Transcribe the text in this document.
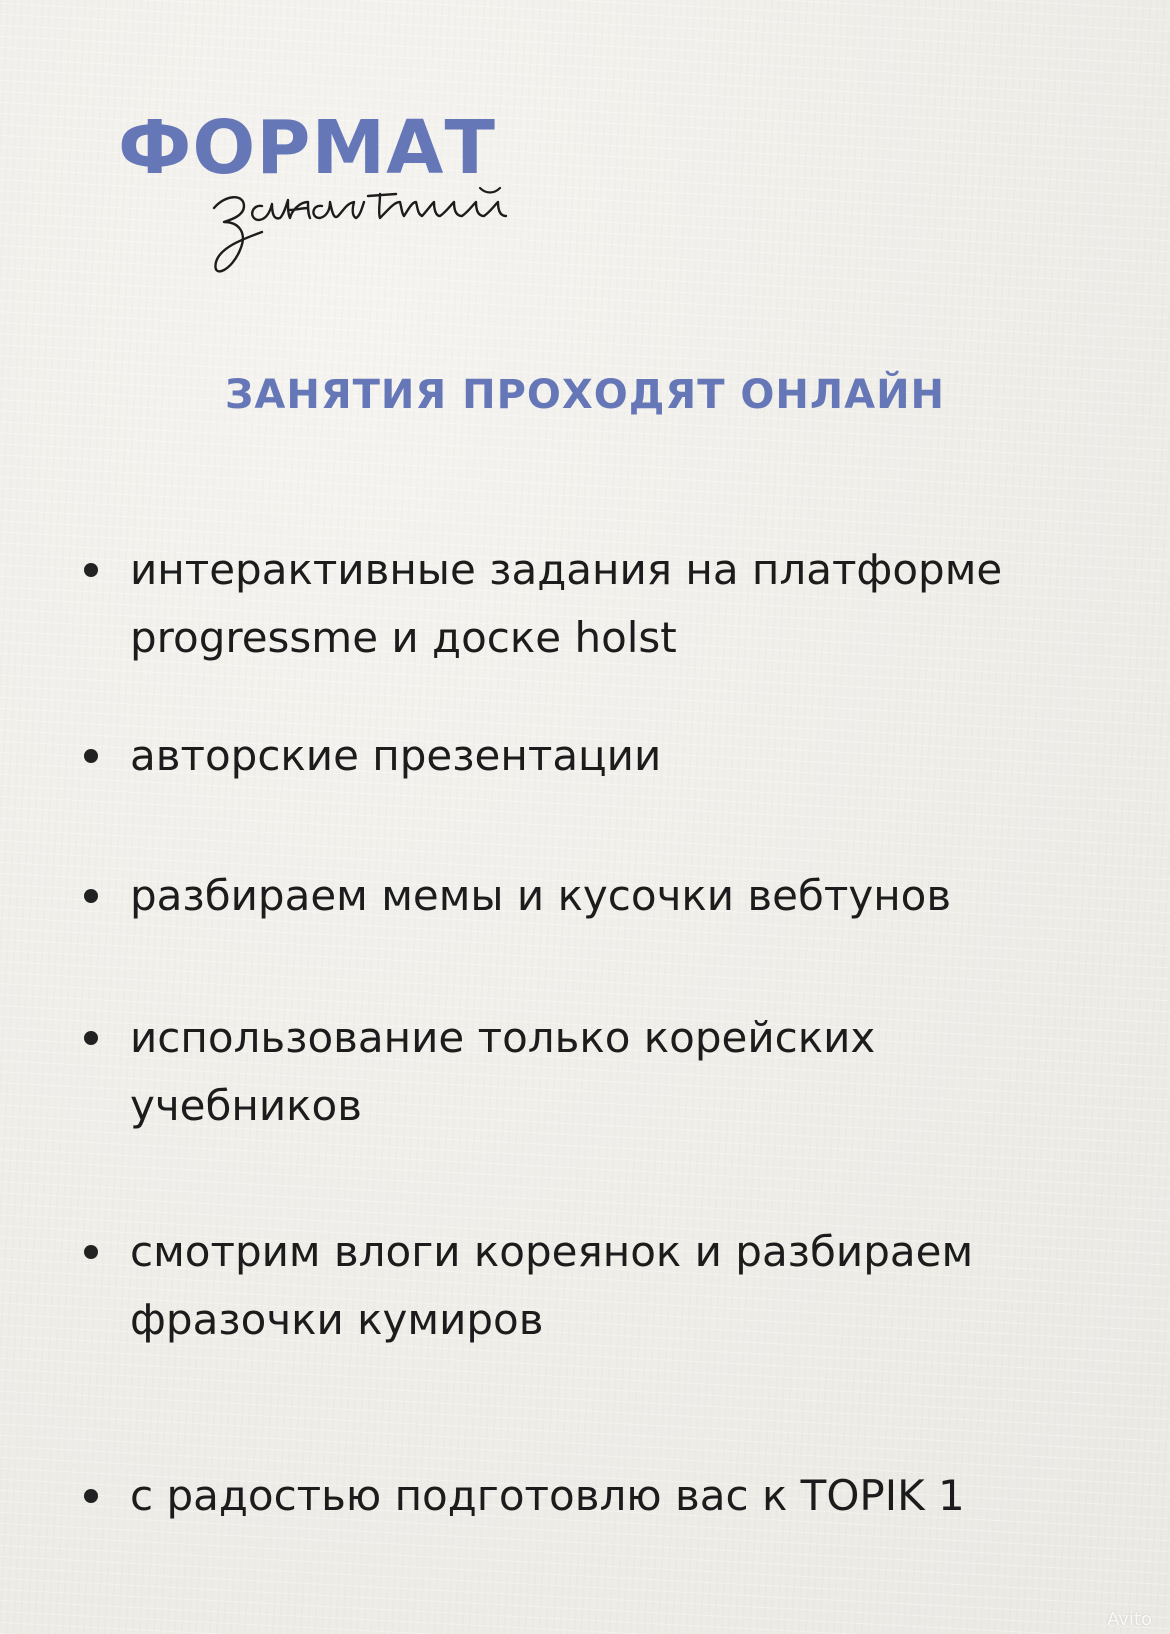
ФОРМАТ
ЗАНЯТИЯ ПРОХОДЯТ ОНЛАЙН
интерактивные задания на платформе
progressme и доске holst
авторские презентации
разбираем мемы и кусочки вебтунов
использование только корейских
учебников
смотрим влоги кореянок и разбираем
фразочки кумиров
с радостью подготовлю вас к TOPIK 1
Avito
